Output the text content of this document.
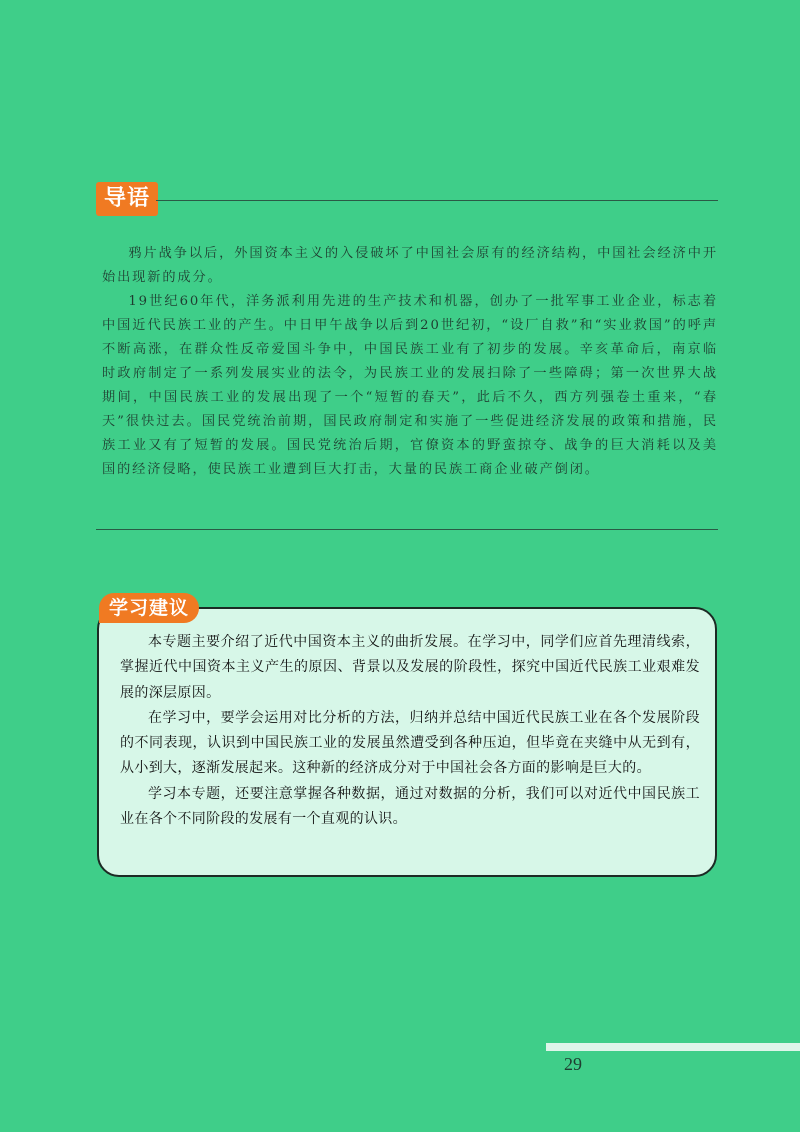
导语

鸦片战争以后，外国资本主义的入侵破坏了中国社会原有的经济结构，中国社会经济中开始出现新的成分。

19世纪60年代，洋务派利用先进的生产技术和机器，创办了一批军事工业企业，标志着中国近代民族工业的产生。中日甲午战争以后到20世纪初，“设厂自救”和“实业救国”的呼声不断高涨，在群众性反帝爱国斗争中，中国民族工业有了初步的发展。辛亥革命后，南京临时政府制定了一系列发展实业的法令，为民族工业的发展扫除了一些障碍；第一次世界大战期间，中国民族工业的发展出现了一个“短暂的春天”，此后不久，西方列强卷土重来，“春天”很快过去。国民党统治前期，国民政府制定和实施了一些促进经济发展的政策和措施，民族工业又有了短暂的发展。国民党统治后期，官僚资本的野蛮掠夺、战争的巨大消耗以及美国的经济侵略，使民族工业遭到巨大打击，大量的民族工商企业破产倒闭。

学习建议

本专题主要介绍了近代中国资本主义的曲折发展。在学习中，同学们应首先理清线索，掌握近代中国资本主义产生的原因、背景以及发展的阶段性，探究中国近代民族工业艰难发展的深层原因。

在学习中，要学会运用对比分析的方法，归纳并总结中国近代民族工业在各个发展阶段的不同表现，认识到中国民族工业的发展虽然遭受到各种压迫，但毕竟在夹缝中从无到有，从小到大，逐渐发展起来。这种新的经济成分对于中国社会各方面的影响是巨大的。

学习本专题，还要注意掌握各种数据，通过对数据的分析，我们可以对近代中国民族工业在各个不同阶段的发展有一个直观的认识。

29
